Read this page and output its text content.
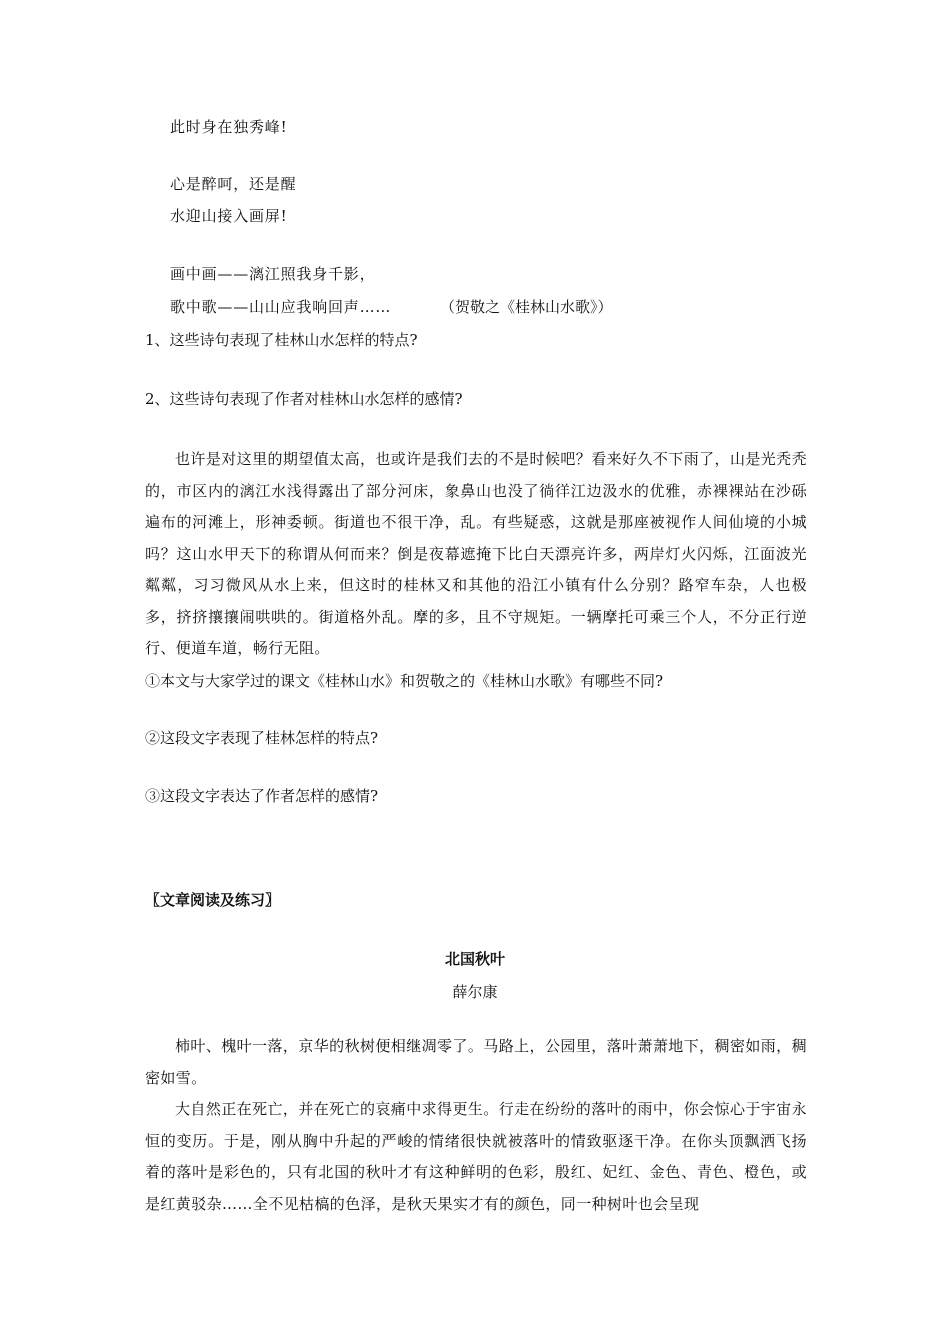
此时身在独秀峰!
心是醉呵，还是醒
水迎山接入画屏!
画中画——漓江照我身千影，
歌中歌——山山应我响回声……	（贺敬之《桂林山水歌》）
1、这些诗句表现了桂林山水怎样的特点?
2、这些诗句表现了作者对桂林山水怎样的感情?
也许是对这里的期望值太高，也或许是我们去的不是时候吧？看来好久不下雨了，山是光秃秃的，市区内的漓江水浅得露出了部分河床，象鼻山也没了徜徉江边汲水的优雅，赤裸裸站在沙砾遍布的河滩上，形神委顿。街道也不很干净，乱。有些疑惑，这就是那座被视作人间仙境的小城吗？这山水甲天下的称谓从何而来？倒是夜幕遮掩下比白天漂亮许多，两岸灯火闪烁，江面波光粼粼，习习微风从水上来，但这时的桂林又和其他的沿江小镇有什么分别？路窄车杂，人也极多，挤挤攘攘闹哄哄的。街道格外乱。摩的多，且不守规矩。一辆摩托可乘三个人，不分正行逆行、便道车道，畅行无阻。
①本文与大家学过的课文《桂林山水》和贺敬之的《桂林山水歌》有哪些不同?
②这段文字表现了桂林怎样的特点?
③这段文字表达了作者怎样的感情?
〖文章阅读及练习〗
北国秋叶
薛尔康
柿叶、槐叶一落，京华的秋树便相继凋零了。马路上，公园里，落叶萧萧地下，稠密如雨，稠密如雪。
大自然正在死亡，并在死亡的哀痛中求得更生。行走在纷纷的落叶的雨中，你会惊心于宇宙永恒的变历。于是，刚从胸中升起的严峻的情绪很快就被落叶的情致驱逐干净。在你头顶飘洒飞扬着的落叶是彩色的，只有北国的秋叶才有这种鲜明的色彩，殷红、妃红、金色、青色、橙色，或是红黄驳杂……全不见枯槁的色泽，是秋天果实才有的颜色，同一种树叶也会呈现
